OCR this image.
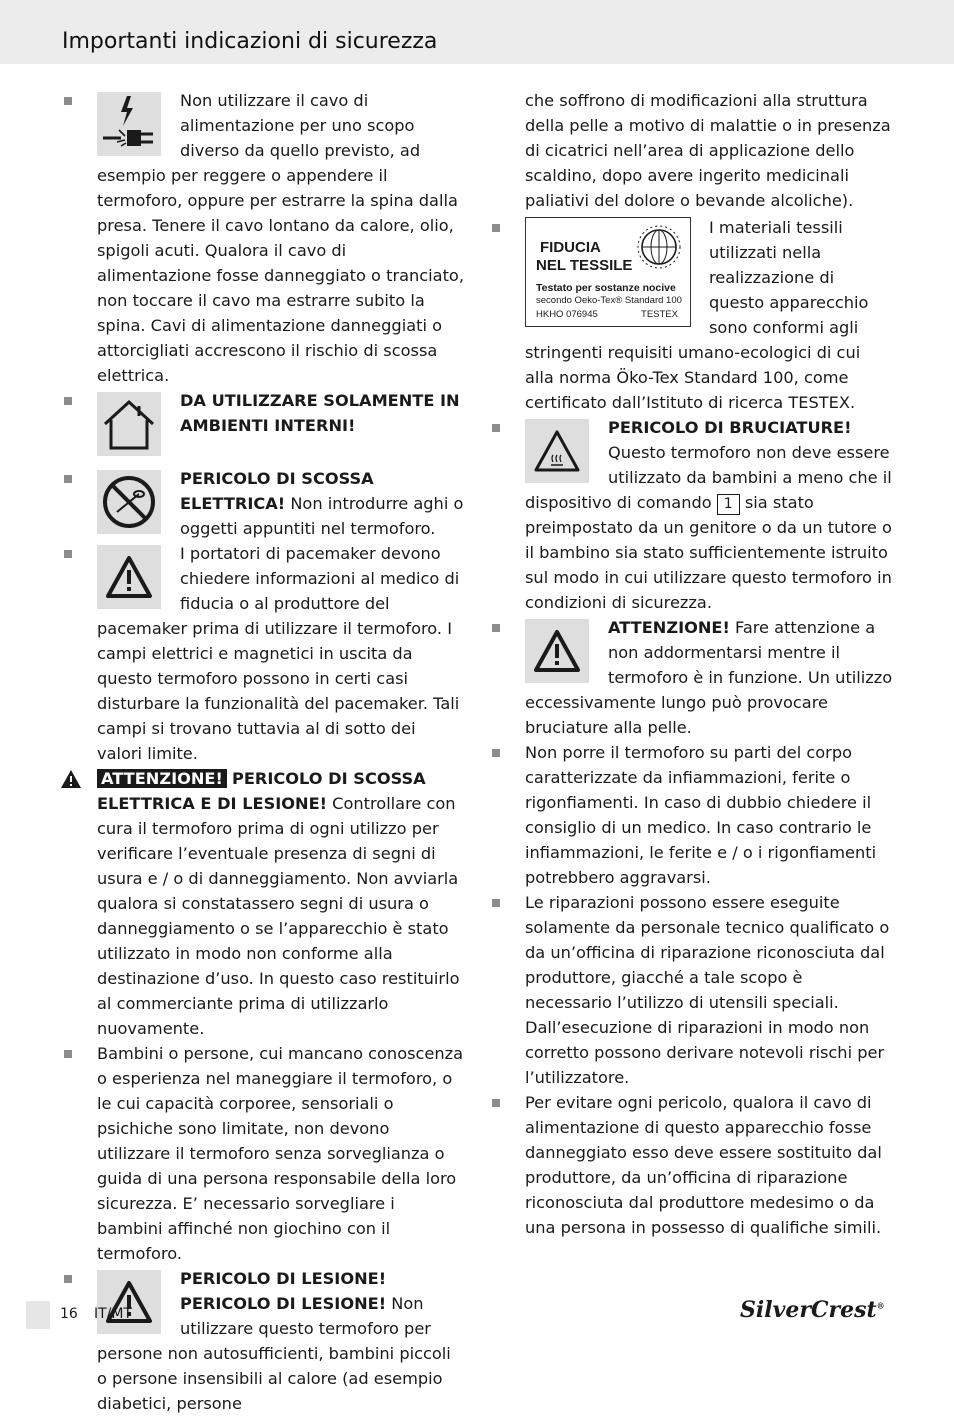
Importanti indicazioni di sicurezza
Non utilizzare il cavo di alimentazione per uno scopo diverso da quello previsto, ad esempio per reggere o appendere il termoforo, oppure per estrarre la spina dalla presa. Tenere il cavo lontano da calore, olio, spigoli acuti. Qualora il cavo di alimentazione fosse danneggiato o tranciato, non toccare il cavo ma estrarre subito la spina. Cavi di alimentazione danneggiati o attorcigliati accrescono il rischio di scossa elettrica.
DA UTILIZZARE SOLAMENTE IN AMBIENTI INTERNI!
PERICOLO DI SCOSSA ELETTRICA! Non introdurre aghi o oggetti appuntiti nel termoforo.
I portatori di pacemaker devono chiedere informazioni al medico di fiducia o al produttore del pacemaker prima di utilizzare il termoforo. I campi elettrici e magnetici in uscita da questo termoforo possono in certi casi disturbare la funzionalità del pacemaker. Tali campi si trovano tuttavia al di sotto dei valori limite.
ATTENZIONE! PERICOLO DI SCOSSA ELETTRICA E DI LESIONE! Controllare con cura il termoforo prima di ogni utilizzo per verificare l’eventuale presenza di segni di usura e / o di danneggiamento. Non avviarla qualora si constatassero segni di usura o danneggiamento o se l’apparecchio è stato utilizzato in modo non conforme alla destinazione d’uso. In questo caso restituirlo al commerciante prima di utilizzarlo nuovamente.
Bambini o persone, cui mancano conoscenza o esperienza nel maneggiare il termoforo, o le cui capacità corporee, sensoriali o psichiche sono limitate, non devono utilizzare il termoforo senza sorveglianza o guida di una persona responsabile della loro sicurezza. E’ necessario sorvegliare i bambini affinché non giochino con il termoforo.
PERICOLO DI LESIONE! PERICOLO DI LESIONE! Non utilizzare questo termoforo per persone non autosufficienti, bambini piccoli o persone insensibili al calore (ad esempio diabetici, persone
che soffrono di modificazioni alla struttura della pelle a motivo di malattie o in presenza di cicatrici nell’area di applicazione dello scaldino, dopo avere ingerito medicinali paliativi del dolore o bevande alcoliche).
FIDUCIA
NEL TESSILE
Testato per sostanze nocive
secondo Oeko-Tex® Standard 100
HKHO 076945	TESTEX
I materiali tessili utilizzati nella realizzazione di questo apparecchio sono conformi agli stringenti requisiti umano-ecologici di cui alla norma Öko-Tex Standard 100, come certificato dall’Istituto di ricerca TESTEX.
PERICOLO DI BRUCIATURE! Questo termoforo non deve essere utilizzato da bambini a meno che il dispositivo di comando 1 sia stato preimpostato da un genitore o da un tutore o il bambino sia stato sufficientemente istruito sul modo in cui utilizzare questo termoforo in condizioni di sicurezza.
ATTENZIONE! Fare attenzione a non addormentarsi mentre il termoforo è in funzione. Un utilizzo eccessivamente lungo può provocare bruciature alla pelle.
Non porre il termoforo su parti del corpo caratterizzate da infiammazioni, ferite o rigonfiamenti. In caso di dubbio chiedere il consiglio di un medico. In caso contrario le infiammazioni, le ferite e / o i rigonfiamenti potrebbero aggravarsi.
Le riparazioni possono essere eseguite solamente da personale tecnico qualificato o da un’officina di riparazione riconosciuta dal produttore, giacché a tale scopo è necessario l’utilizzo di utensili speciali. Dall’esecuzione di riparazioni in modo non corretto possono derivare notevoli rischi per l’utilizzatore.
Per evitare ogni pericolo, qualora il cavo di alimentazione di questo apparecchio fosse danneggiato esso deve essere sostituito dal produttore, da un’officina di riparazione riconosciuta dal produttore medesimo o da una persona in possesso di qualifiche simili.
16 IT/MT	SilverCrest®
